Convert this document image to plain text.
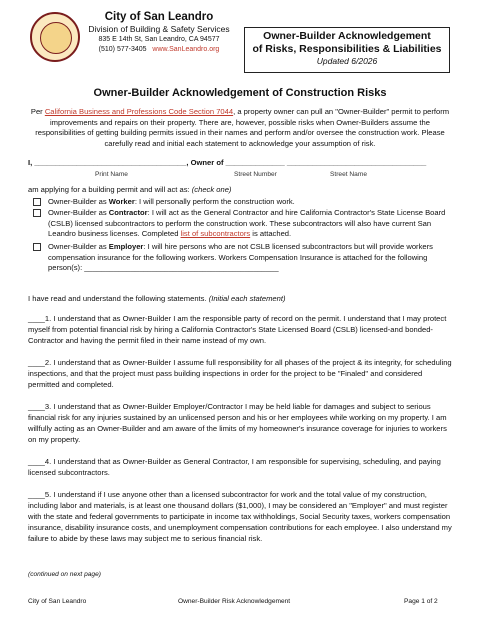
City of San Leandro
Division of Building & Safety Services
835 E 14th St, San Leandro, CA 94577
(510) 577-3405 www.SanLeandro.org
Owner-Builder Acknowledgement
of Risks, Responsibilities & Liabilities
Updated 6/2026
Owner-Builder Acknowledgement of Construction Risks
Per California Business and Professions Code Section 7044, a property owner can pull an "Owner-Builder" permit to perform improvements and repairs on their property. There are, however, possible risks when Owner-Builders assume the responsibilities of getting building permits issued in their names and perform and/or oversee the construction work. Please carefully read and initial each statement to acknowledge your assumption of risk.
I, ____________________________________, Owner of ______________ _________________________________
Print Name	Street Number	Street Name
am applying for a building permit and will act as: (check one)
Owner-Builder as Worker: I will personally perform the construction work.
Owner-Builder as Contractor: I will act as the General Contractor and hire California Contractor's State License Board (CSLB) licensed subcontractors to perform the construction work. These subcontractors will also have current San Leandro business licenses. Completed list of subcontractors is attached.
Owner-Builder as Employer: I will hire persons who are not CSLB licensed subcontractors but will provide workers compensation insurance for the following workers. Workers Compensation Insurance is attached for the following person(s): ______________________________________________
I have read and understand the following statements. (Initial each statement)
____1. I understand that as Owner-Builder I am the responsible party of record on the permit. I understand that I may protect myself from potential financial risk by hiring a California Contractor's State Licensed Board (CSLB) licensed-and bonded-Contractor and having the permit filed in their name instead of my own.
____2. I understand that as Owner-Builder I assume full responsibility for all phases of the project & its integrity, for scheduling inspections, and that the project must pass building inspections in order for the project to be "Finaled" and considered permitted and completed.
____3. I understand that as Owner-Builder Employer/Contractor I may be held liable for damages and subject to serious financial risk for any injuries sustained by an unlicensed person and his or her employees while working on my property. I am willfully acting as an Owner-Builder and am aware of the limits of my homeowner's insurance coverage for injuries to workers on my property.
____4. I understand that as Owner-Builder as General Contractor, I am responsible for supervising, scheduling, and paying licensed subcontractors.
____5. I understand if I use anyone other than a licensed subcontractor for work and the total value of my construction, including labor and materials, is at least one thousand dollars ($1,000), I may be considered an "Employer" and must register with the state and federal governments to participate in income tax withholdings, Social Security taxes, workers compensation insurance, disability insurance costs, and unemployment compensation contributions for each employee. I also understand my failure to abide by these laws may subject me to serious financial risk.
(continued on next page)
City of San Leandro	Owner-Builder Risk Acknowledgement	Page 1 of 2
